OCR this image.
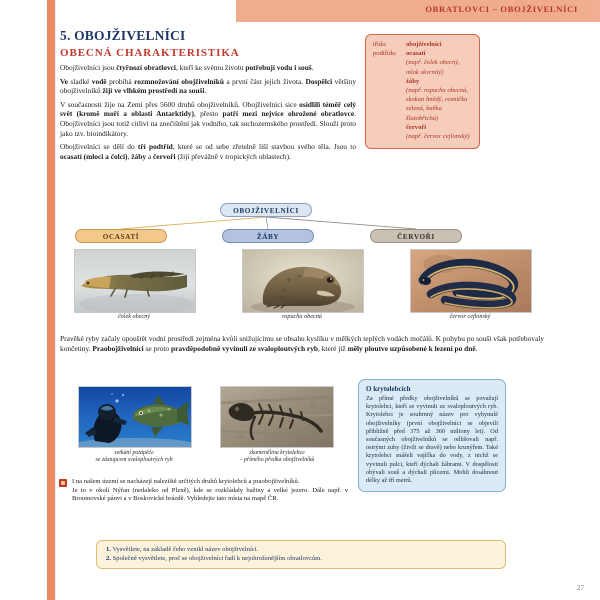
OBRATLOVCI – OBOJŽIVELNÍCI
5. OBOJŽIVELNÍCI
OBECNÁ CHARAKTERISTIKA

Obojživelníci jsou čtyřnozí obratlovci, kteří ke svému životu potřebují vodu i souš.

Ve sladké vodě probíhá rozmnožování obojživelníků a první část jejich života. Dospělci většiny obojživelníků žijí ve vlhkém prostředí na souši.

V současnosti žije na Zemi přes 5600 druhů obojživelníků. Obojživelníci sice osídlili téměř celý svět (kromě moří a oblasti Antarktidy), přesto patří mezi nejvíce ohrožené obratlovce. Obojživelníci jsou totiž citliví na znečištění jak vodního, tak suchozemského prostředí. Slouží proto jako tzv. bioindikátory.

Obojživelníci se dělí do tří podtříd, které se od sebe zřetelně liší stavbou svého těla. Jsou to ocasatí (mloci a čolci), žáby a červoři (žijí převážně v tropických oblastech).

třída:	obojživelníci
podtřída:	ocasatí
(např. čolek obecný, mlok skvrnitý)
žáby
(např. ropucha obecná, skokan hnědý, rosnička zelená, kuňka žlutobřichá)
červoři
(např. červor cejlonský)
OBOJŽIVELNÍCI
OCASATÍ	ŽÁBY	ČERVOŘI
čolek obecný	ropucha obecná	červor cejlonský
Pravěké ryby začaly opouštět vodní prostředí zejména kvůli snižujícímu se obsahu kyslíku v mělkých teplých vodách močálů. K pohybu po souši však potřebovaly končetiny. Praobojživelníci se proto pravděpodobně vyvinuli ze svaloploutvých ryb, které již měly ploutve uzpůsobené k lezení po dně.
setkání potápěče
se zástupcem svaloploutvých ryb
zkamenělina krytolebce
– přímého předka obojživelníků
I na našem území se nacházejí naleziště určitých druhů krytolebců a praobojživelníků.
Je to v okolí Nýřan (nedaleko od Plzně), kde se rozkládaly bažiny a velké jezero. Dále např. v Broumovské pánvi a v Boskovické brázdě. Vyhledejte tato místa na mapě ČR.
O krytolebcích

Za přímé předky obojživelníků se považují krytolebci, kteří se vyvinuli ze svaloploutvých ryb. Krytolebci je souhrnný název pro vyhynulé obojživelníky (první obojživelníci se objevili přibližně před 375 až 360 miliony let). Od současných obojživelníků se odlišovali např. ostrými zuby (živili se dravě) nebo krunýřem. Také krytolebci snášeli vajíčka do vody, z nichž se vyvinuli pulci, kteří dýchali žábrami. V dospělosti obývali souš a dýchali plícemi. Mohli dosáhnout délky až tří metrů.

1. Vysvětlete, na základě čeho vznikl název obojživelníci.
2. Společně vysvětlete, proč se obojživelníci řadí k nejohroženějším obratlovcům.
27
